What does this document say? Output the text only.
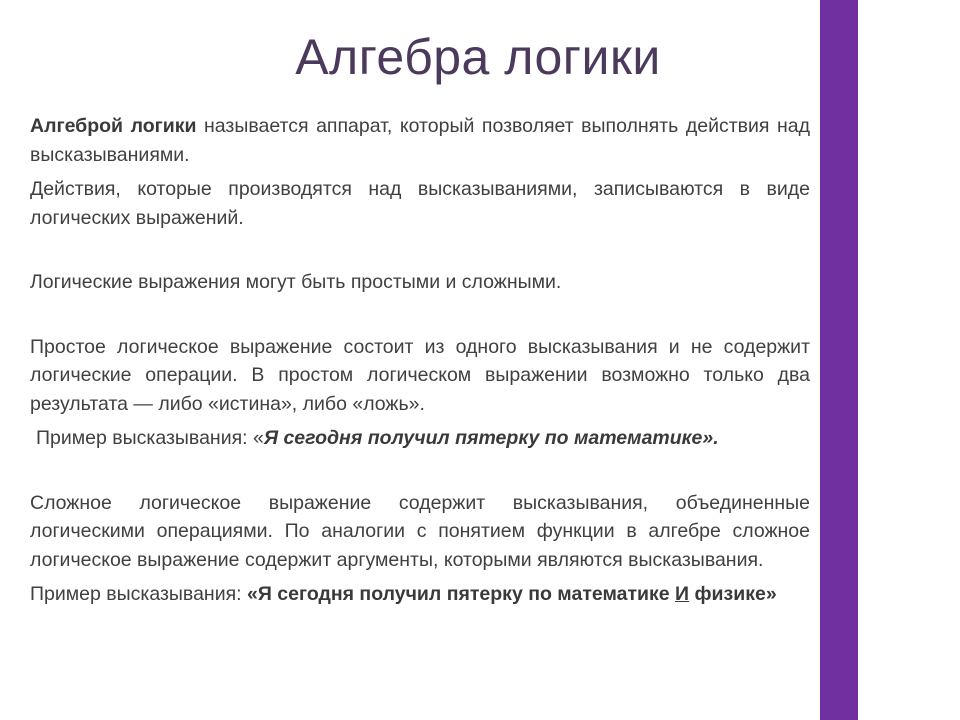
Алгебра логики

Алгеброй логики называется аппарат, который позволяет выполнять действия над высказываниями.

Действия, которые производятся над высказываниями, записываются в виде логических выражений.

Логические выражения могут быть простыми и сложными.

Простое логическое выражение состоит из одного высказывания и не содержит логические операции. В простом логическом выражении возможно только два результата — либо «истина», либо «ложь».

Пример высказывания: «Я сегодня получил пятерку по математике».

Сложное логическое выражение содержит высказывания, объединенные логическими операциями. По аналогии с понятием функции в алгебре сложное логическое выражение содержит аргументы, которыми являются высказывания.

Пример высказывания: «Я сегодня получил пятерку по математике И физике»
